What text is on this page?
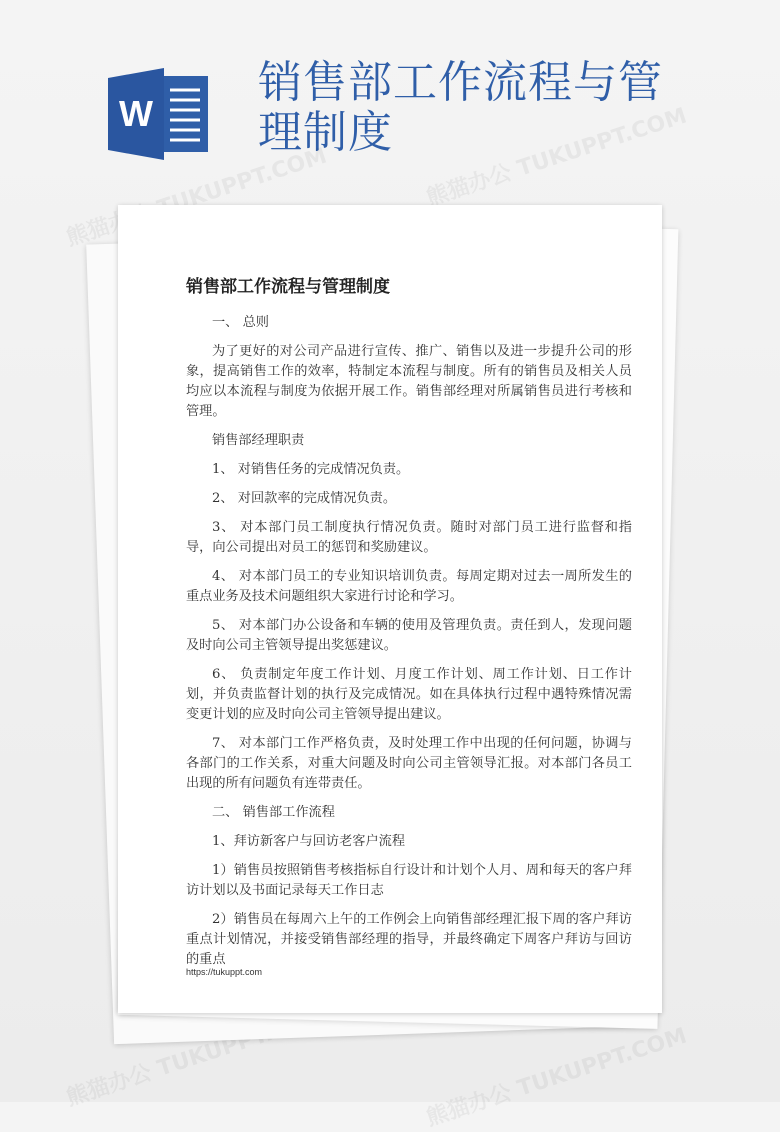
W
销售部工作流程与管理制度
熊猫办公 TUKUPPT.COM	熊猫办公 TUKUPPT.COM
熊猫办公 TUKUPPT.COM	熊猫办公 TUKUPPT.COM
销售部工作流程与管理制度

一、 总则

为了更好的对公司产品进行宣传、推广、销售以及进一步提升公司的形象，提高销售工作的效率，特制定本流程与制度。所有的销售员及相关人员均应以本流程与制度为依据开展工作。销售部经理对所属销售员进行考核和管理。

销售部经理职责

1、 对销售任务的完成情况负责。

2、 对回款率的完成情况负责。

3、 对本部门员工制度执行情况负责。随时对部门员工进行监督和指导，向公司提出对员工的惩罚和奖励建议。

4、 对本部门员工的专业知识培训负责。每周定期对过去一周所发生的重点业务及技术问题组织大家进行讨论和学习。

5、 对本部门办公设备和车辆的使用及管理负责。责任到人，发现问题及时向公司主管领导提出奖惩建议。

6、 负责制定年度工作计划、月度工作计划、周工作计划、日工作计划，并负责监督计划的执行及完成情况。如在具体执行过程中遇特殊情况需变更计划的应及时向公司主管领导提出建议。

7、 对本部门工作严格负责，及时处理工作中出现的任何问题，协调与各部门的工作关系，对重大问题及时向公司主管领导汇报。对本部门各员工出现的所有问题负有连带责任。

二、 销售部工作流程

1、拜访新客户与回访老客户流程

1）销售员按照销售考核指标自行设计和计划个人月、周和每天的客户拜访计划以及书面记录每天工作日志

2）销售员在每周六上午的工作例会上向销售部经理汇报下周的客户拜访重点计划情况，并接受销售部经理的指导，并最终确定下周客户拜访与回访的重点

https://tukuppt.com
